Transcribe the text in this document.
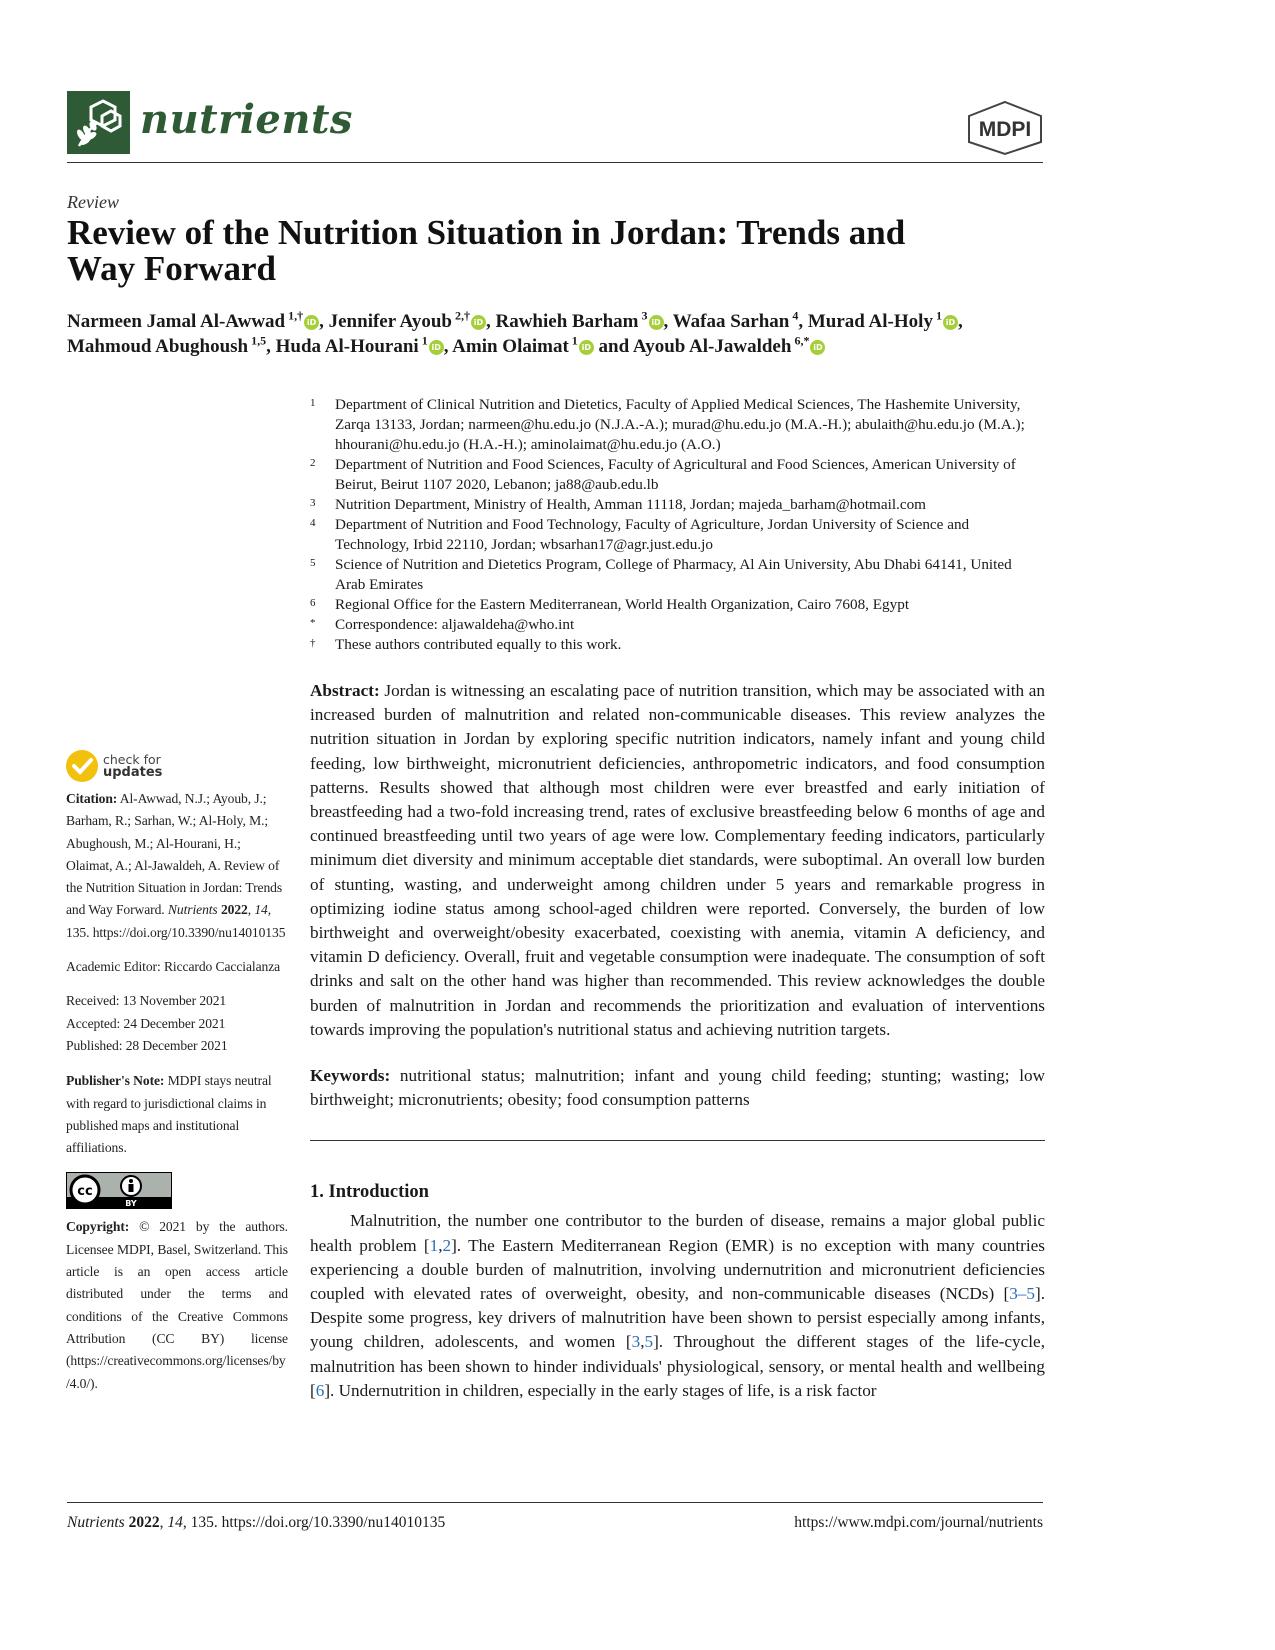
nutrients	MDPI
Review
Review of the Nutrition Situation in Jordan: Trends and Way Forward
Narmeen Jamal Al-Awwad $^{1,\dagger}$ iD , Jennifer Ayoub $^{2,\dagger}$ iD , Rawhieh Barham $^3$ iD , Wafaa Sarhan $^4$, Murad Al-Holy $^1$ iD ,
Mahmoud Abughoush $^{1,5}$, Huda Al-Hourani $^1$ iD , Amin Olaimat $^1$ iD and Ayoub Al-Jawaldeh $^{6,*}$ iD
1	Department of Clinical Nutrition and Dietetics, Faculty of Applied Medical Sciences, The Hashemite University, Zarqa 13133, Jordan; narmeen@hu.edu.jo (N.J.A.-A.); murad@hu.edu.jo (M.A.-H.); abulaith@hu.edu.jo (M.A.); hhourani@hu.edu.jo (H.A.-H.); aminolaimat@hu.edu.jo (A.O.)
2	Department of Nutrition and Food Sciences, Faculty of Agricultural and Food Sciences, American University of Beirut, Beirut 1107 2020, Lebanon; ja88@aub.edu.lb
3	Nutrition Department, Ministry of Health, Amman 11118, Jordan; majeda_barham@hotmail.com
4	Department of Nutrition and Food Technology, Faculty of Agriculture, Jordan University of Science and Technology, Irbid 22110, Jordan; wbsarhan17@agr.just.edu.jo
5	Science of Nutrition and Dietetics Program, College of Pharmacy, Al Ain University, Abu Dhabi 64141, United Arab Emirates
6	Regional Office for the Eastern Mediterranean, World Health Organization, Cairo 7608, Egypt
*	Correspondence: aljawaldeha@who.int
†	These authors contributed equally to this work.
Abstract: Jordan is witnessing an escalating pace of nutrition transition, which may be associated with an increased burden of malnutrition and related non-communicable diseases. This review analyzes the nutrition situation in Jordan by exploring specific nutrition indicators, namely infant and young child feeding, low birthweight, micronutrient deficiencies, anthropometric indicators, and food consumption patterns. Results showed that although most children were ever breastfed and early initiation of breastfeeding had a two-fold increasing trend, rates of exclusive breastfeeding below 6 months of age and continued breastfeeding until two years of age were low. Complementary feeding indicators, particularly minimum diet diversity and minimum acceptable diet standards, were suboptimal. An overall low burden of stunting, wasting, and underweight among children under 5 years and remarkable progress in optimizing iodine status among school-aged children were reported. Conversely, the burden of low birthweight and overweight/obesity exacerbated, coexisting with anemia, vitamin A deficiency, and vitamin D deficiency. Overall, fruit and vegetable consumption were inadequate. The consumption of soft drinks and salt on the other hand was higher than recommended. This review acknowledges the double burden of malnutrition in Jordan and recommends the prioritization and evaluation of interventions towards improving the population's nutritional status and achieving nutrition targets.
Keywords: nutritional status; malnutrition; infant and young child feeding; stunting; wasting; low birthweight; micronutrients; obesity; food consumption patterns
1. Introduction

Malnutrition, the number one contributor to the burden of disease, remains a major global public health problem [1,2]. The Eastern Mediterranean Region (EMR) is no exception with many countries experiencing a double burden of malnutrition, involving undernutrition and micronutrient deficiencies coupled with elevated rates of overweight, obesity, and non-communicable diseases (NCDs) [3–5]. Despite some progress, key drivers of malnutrition have been shown to persist especially among infants, young children, adolescents, and women [3,5]. Throughout the different stages of the life-cycle, malnutrition has been shown to hinder individuals' physiological, sensory, or mental health and wellbeing [6]. Undernutrition in children, especially in the early stages of life, is a risk factor

check for
updates
Citation: Al-Awwad, N.J.; Ayoub, J.; Barham, R.; Sarhan, W.; Al-Holy, M.; Abughoush, M.; Al-Hourani, H.; Olaimat, A.; Al-Jawaldeh, A. Review of the Nutrition Situation in Jordan: Trends and Way Forward. Nutrients 2022, 14, 135. https://doi.org/10.3390/nu14010135
Academic Editor: Riccardo Caccialanza
Received: 13 November 2021
Accepted: 24 December 2021
Published: 28 December 2021
Publisher's Note: MDPI stays neutral with regard to jurisdictional claims in published maps and institutional affiliations.
cc
BY
Copyright: © 2021 by the authors. Licensee MDPI, Basel, Switzerland. This article is an open access article distributed under the terms and conditions of the Creative Commons Attribution (CC BY) license (https://creativecommons.org/licenses/by/4.0/).
Nutrients 2022, 14, 135. https://doi.org/10.3390/nu14010135	https://www.mdpi.com/journal/nutrients
